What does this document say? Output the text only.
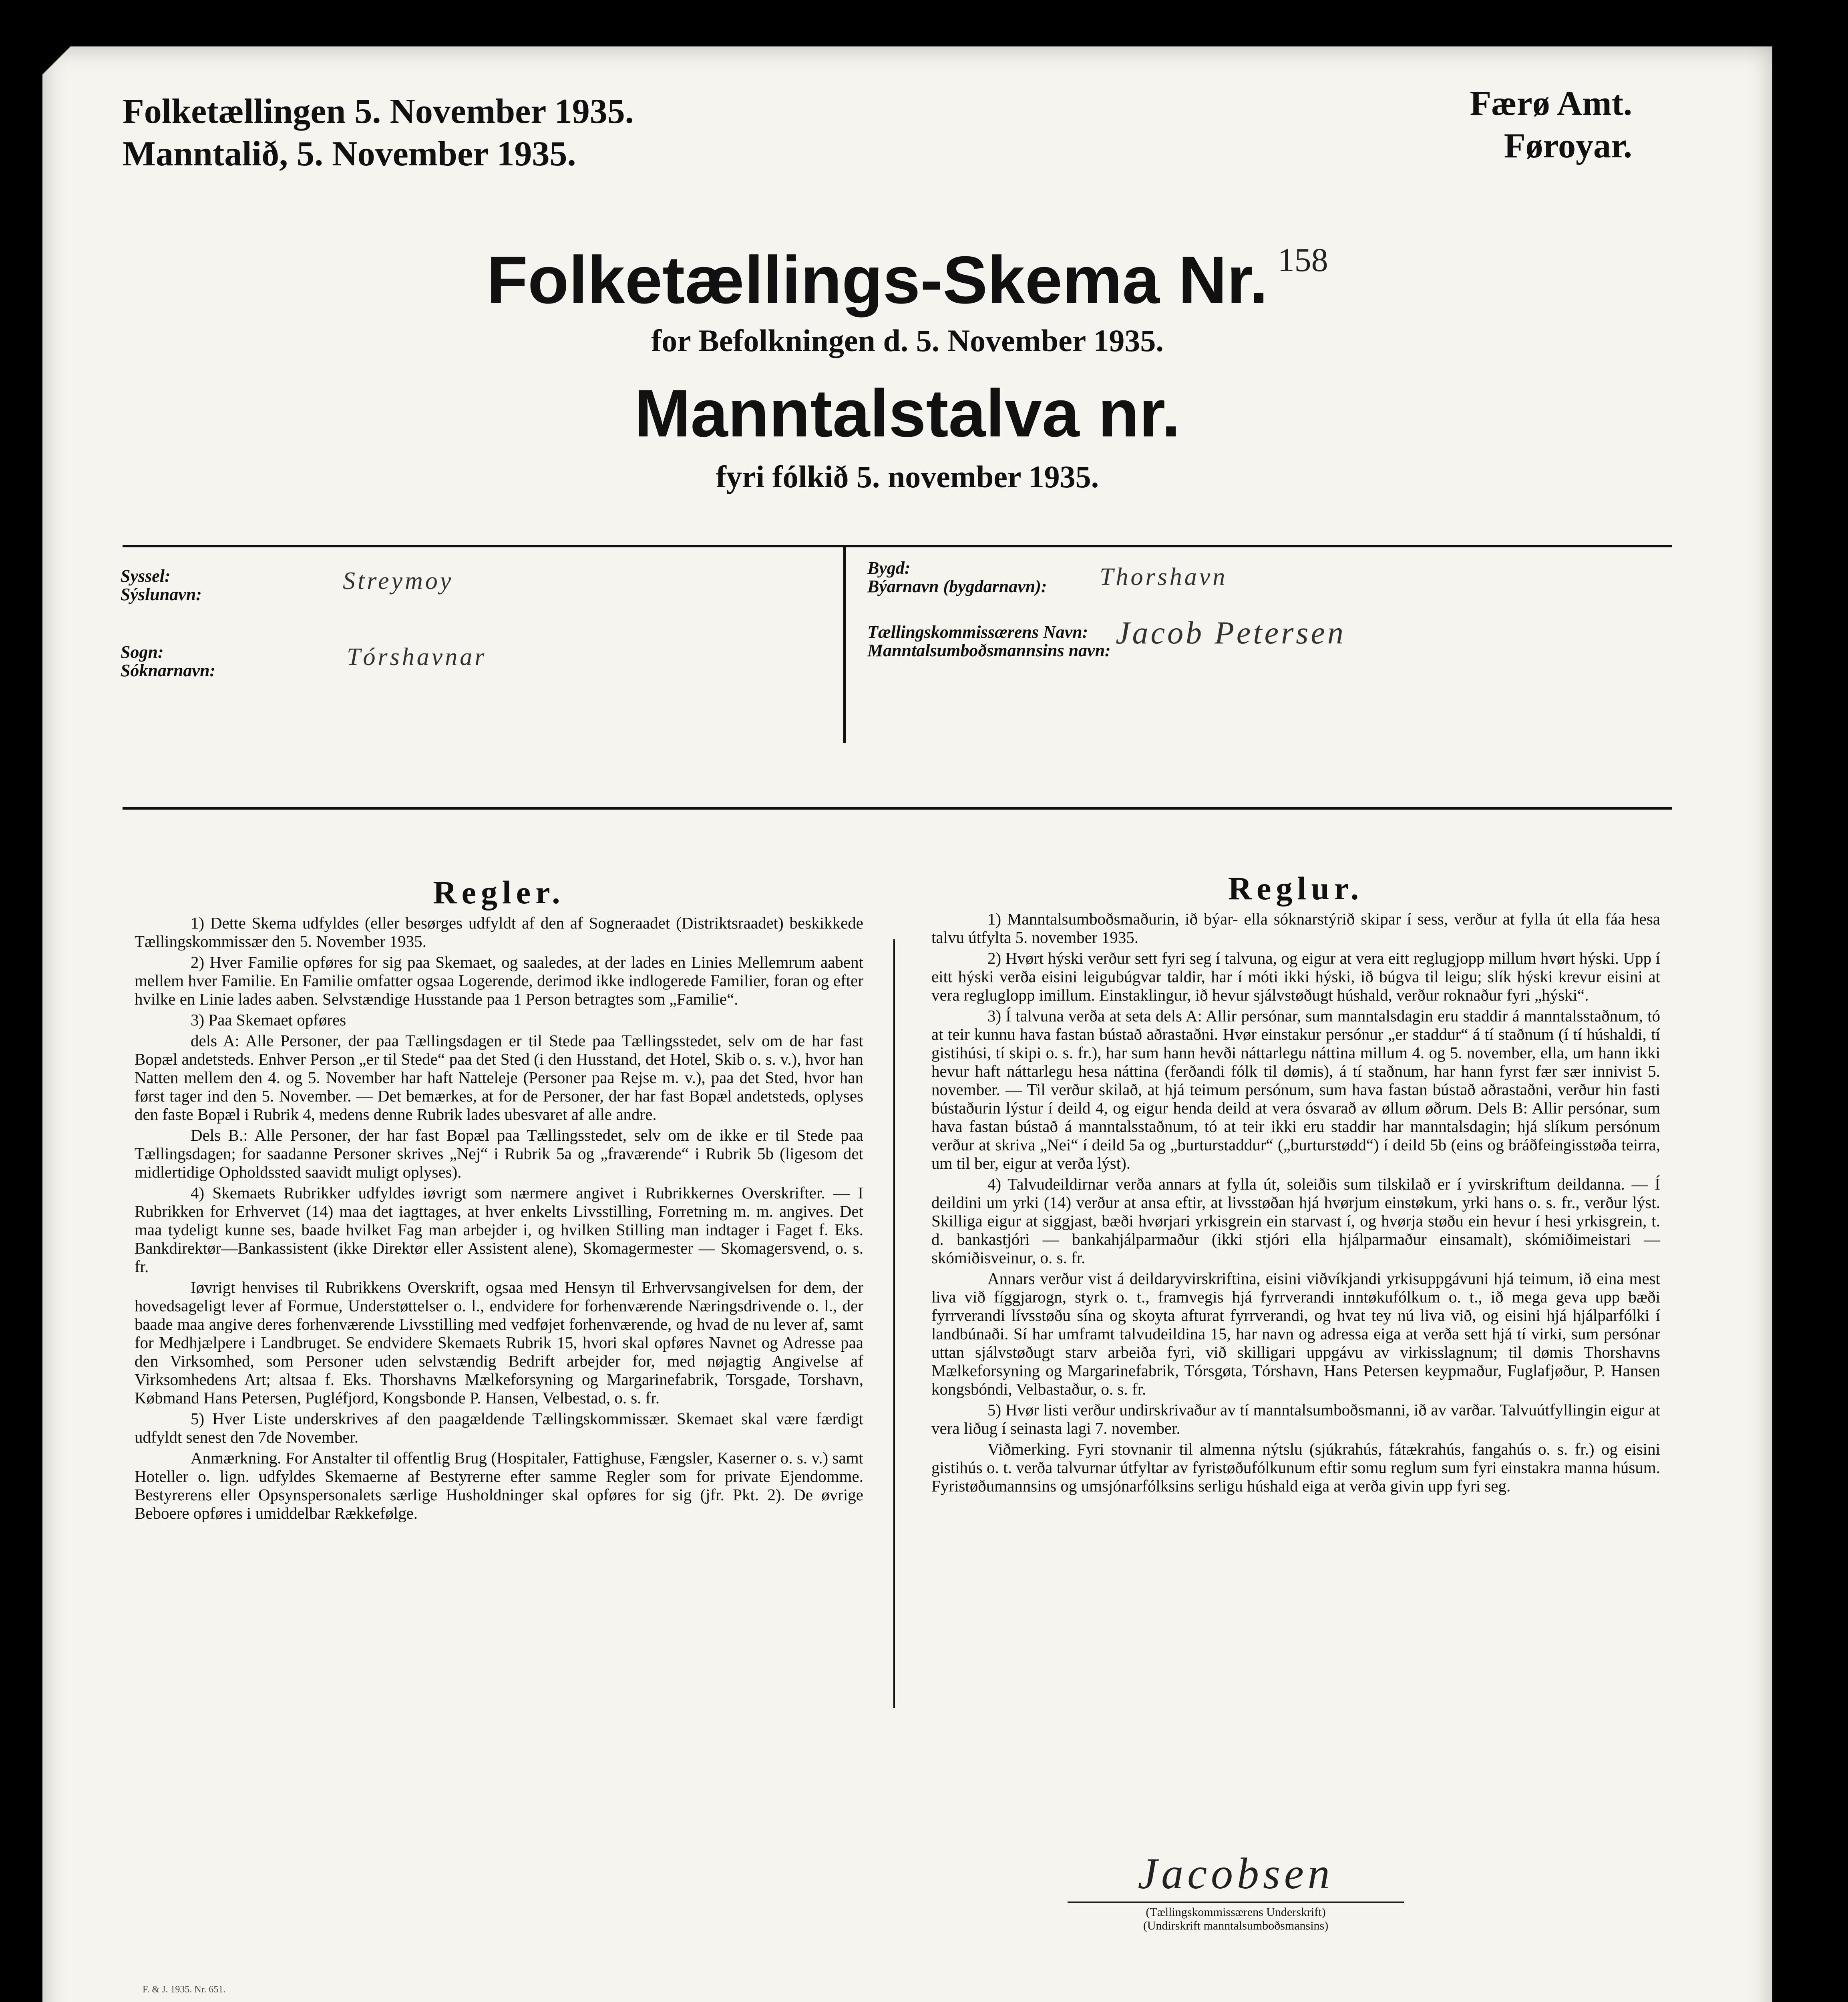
Folketællingen 5. November 1935.
Manntalið, 5. November 1935.
Færø Amt.
Føroyar.
Folketællings-Skema Nr. 158
for Befolkningen d. 5. November 1935.
Manntalstalva nr.
fyri fólkið 5. november 1935.
Syssel:
Sýslunavn:	Streymoy
Sogn:
Sóknarnavn:	Tórshavnar
Bygd:
Býarnavn (bygdarnavn): Thorshavn
Tællingskommissærens Navn:
Manntalsumboðsmannsins navn: Jacob Petersen
Regler.

1) Dette Skema udfyldes (eller besørges udfyldt af den af Sogneraadet (Distriktsraadet) beskikkede Tællingskommissær den 5. November 1935.

2) Hver Familie opføres for sig paa Skemaet, og saaledes, at der lades en Linies Mellemrum aabent mellem hver Familie. En Familie omfatter ogsaa Logerende, derimod ikke indlogerede Familier, foran og efter hvilke en Linie lades aaben. Selvstændige Husstande paa 1 Person betragtes som „Familie“.

3) Paa Skemaet opføres

dels A: Alle Personer, der paa Tællingsdagen er til Stede paa Tællingsstedet, selv om de har fast Bopæl andetsteds. Enhver Person „er til Stede“ paa det Sted (i den Husstand, det Hotel, Skib o. s. v.), hvor han Natten mellem den 4. og 5. November har haft Natteleje (Personer paa Rejse m. v.), paa det Sted, hvor han først tager ind den 5. November. — Det bemærkes, at for de Personer, der har fast Bopæl andetsteds, oplyses den faste Bopæl i Rubrik 4, medens denne Rubrik lades ubesvaret af alle andre.

Dels B.: Alle Personer, der har fast Bopæl paa Tællingsstedet, selv om de ikke er til Stede paa Tællingsdagen; for saadanne Personer skrives „Nej“ i Rubrik 5a og „fraværende“ i Rubrik 5b (ligesom det midlertidige Opholdssted saavidt muligt oplyses).

4) Skemaets Rubrikker udfyldes iøvrigt som nærmere angivet i Rubrikkernes Overskrifter. — I Rubrikken for Erhvervet (14) maa det iagttages, at hver enkelts Livsstilling, Forretning m. m. angives. Det maa tydeligt kunne ses, baade hvilket Fag man arbejder i, og hvilken Stilling man indtager i Faget f. Eks. Bankdirektør—Bankassistent (ikke Direktør eller Assistent alene), Skomagermester — Skomagersvend, o. s. fr.

Iøvrigt henvises til Rubrikkens Overskrift, ogsaa med Hensyn til Erhvervsangivelsen for dem, der hovedsageligt lever af Formue, Understøttelser o. l., endvidere for forhenværende Næringsdrivende o. l., der baade maa angive deres forhenværende Livsstilling med vedføjet forhenværende, og hvad de nu lever af, samt for Medhjælpere i Landbruget. Se endvidere Skemaets Rubrik 15, hvori skal opføres Navnet og Adresse paa den Virksomhed, som Personer uden selvstændig Bedrift arbejder for, med nøjagtig Angivelse af Virksomhedens Art; altsaa f. Eks. Thorshavns Mælkeforsyning og Margarinefabrik, Torsgade, Torshavn, Købmand Hans Petersen, Pugléfjord, Kongsbonde P. Hansen, Velbestad, o. s. fr.

5) Hver Liste underskrives af den paagældende Tællingskommissær. Skemaet skal være færdigt udfyldt senest den 7de November.

Anmærkning. For Anstalter til offentlig Brug (Hospitaler, Fattighuse, Fængsler, Kaserner o. s. v.) samt Hoteller o. lign. udfyldes Skemaerne af Bestyrerne efter samme Regler som for private Ejendomme. Bestyrerens eller Opsynspersonalets særlige Husholdninger skal opføres for sig (jfr. Pkt. 2). De øvrige Beboere opføres i umiddelbar Rækkefølge.

Reglur.

1) Manntalsumboðsmaðurin, ið býar- ella sóknarstýrið skipar í sess, verður at fylla út ella fáa hesa talvu útfylta 5. november 1935.

2) Hvørt hýski verður sett fyri seg í talvuna, og eigur at vera eitt reglugjopp millum hvørt hýski. Upp í eitt hýski verða eisini leigubúgvar taldir, har í móti ikki hýski, ið búgva til leigu; slík hýski krevur eisini at vera regluglopp imillum. Einstaklingur, ið hevur sjálvstøðugt húshald, verður roknaður fyri „hýski“.

3) Í talvuna verða at seta dels A: Allir persónar, sum manntalsdagin eru staddir á manntalsstaðnum, tó at teir kunnu hava fastan bústað aðrastaðni. Hvør einstakur persónur „er staddur“ á tí staðnum (í tí húshaldi, tí gistihúsi, tí skipi o. s. fr.), har sum hann hevði náttarlegu náttina millum 4. og 5. november, ella, um hann ikki hevur haft náttarlegu hesa náttina (ferðandi fólk til dømis), á tí staðnum, har hann fyrst fær sær innivist 5. november. — Til verður skilað, at hjá teimum persónum, sum hava fastan bústað aðrastaðni, verður hin fasti bústaðurin lýstur í deild 4, og eigur henda deild at vera ósvarað av øllum øðrum. Dels B: Allir persónar, sum hava fastan bústað á manntalsstaðnum, tó at teir ikki eru staddir har manntalsdagin; hjá slíkum persónum verður at skriva „Nei“ í deild 5a og „burturstaddur“ („burturstødd“) í deild 5b (eins og bráðfeingisstøða teirra, um til ber, eigur at verða lýst).

4) Talvudeildirnar verða annars at fylla út, soleiðis sum tilskilað er í yvirskriftum deildanna. — Í deildini um yrki (14) verður at ansa eftir, at livsstøðan hjá hvørjum einstøkum, yrki hans o. s. fr., verður lýst. Skilliga eigur at siggjast, bæði hvørjari yrkisgrein ein starvast í, og hvørja støðu ein hevur í hesi yrkisgrein, t. d. bankastjóri — bankahjálparmaður (ikki stjóri ella hjálparmaður einsamalt), skómiðimeistari — skómiðisveinur, o. s. fr.

Annars verður vist á deildaryvirskriftina, eisini viðvíkjandi yrkisuppgávuni hjá teimum, ið eina mest liva við fíggjarogn, styrk o. t., framvegis hjá fyrrverandi inntøkufólkum o. t., ið mega geva upp bæði fyrrverandi lívsstøðu sína og skoyta afturat fyrrverandi, og hvat tey nú liva við, og eisini hjá hjálparfólki í landbúnaði. Sí har umframt talvudeildina 15, har navn og adressa eiga at verða sett hjá tí virki, sum persónar uttan sjálvstøðugt starv arbeiða fyri, við skilligari uppgávu av virkisslagnum; til dømis Thorshavns Mælkeforsyning og Margarinefabrik, Tórsgøta, Tórshavn, Hans Petersen keypmaður, Fuglafjøður, P. Hansen kongsbóndi, Velbastaður, o. s. fr.

5) Hvør listi verður undirskrivaður av tí manntalsumboðsmanni, ið av varðar. Talvuútfyllingin eigur at vera liðug í seinasta lagi 7. november.

Viðmerking. Fyri stovnanir til almenna nýtslu (sjúkrahús, fátækrahús, fangahús o. s. fr.) og eisini gistihús o. t. verða talvurnar útfyltar av fyristøðufólkunum eftir somu reglum sum fyri einstakra manna húsum. Fyristøðumannsins og umsjónarfólksins serligu húshald eiga at verða givin upp fyri seg.

Jacobsen
(Tællingskommissærens Underskrift)
(Undirskrift manntalsumboðsmansins)
F. & J. 1935. Nr. 651.
